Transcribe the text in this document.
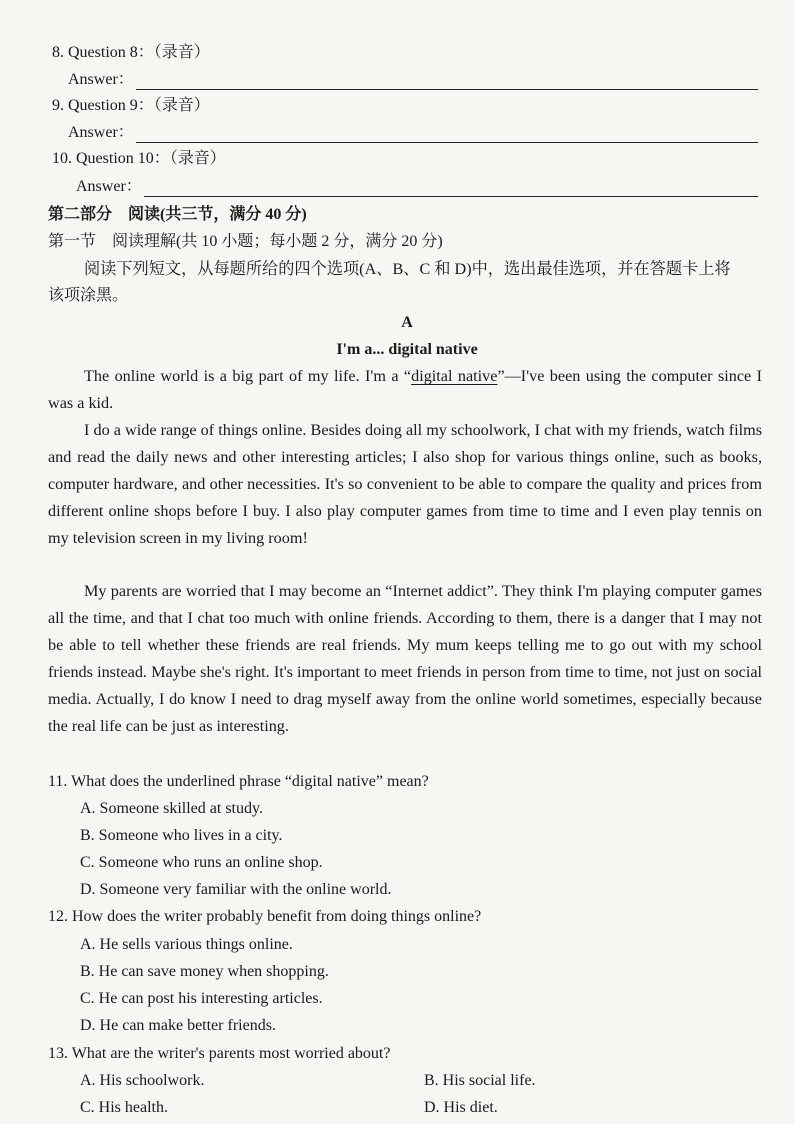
8. Question 8：（录音）
Answer：
9. Question 9：（录音）
Answer：
10. Question 10：（录音）
Answer：
第二部分　阅读(共三节，满分 40 分)
第一节　阅读理解(共 10 小题；每小题 2 分，满分 20 分)
阅读下列短文，从每题所给的四个选项(A、B、C 和 D)中，选出最佳选项，并在答题卡上将
该项涂黑。
A
I'm a... digital native
The online world is a big part of my life. I'm a “digital native”—I've been using the computer since I was a kid.
I do a wide range of things online. Besides doing all my schoolwork, I chat with my friends, watch films and read the daily news and other interesting articles; I also shop for various things online, such as books, computer hardware, and other necessities. It's so convenient to be able to compare the quality and prices from different online shops before I buy. I also play computer games from time to time and I even play tennis on my television screen in my living room!
My parents are worried that I may become an “Internet addict”. They think I'm playing computer games all the time, and that I chat too much with online friends. According to them, there is a danger that I may not be able to tell whether these friends are real friends. My mum keeps telling me to go out with my school friends instead. Maybe she's right. It's important to meet friends in person from time to time, not just on social media. Actually, I do know I need to drag myself away from the online world sometimes, especially because the real life can be just as interesting.
11. What does the underlined phrase “digital native” mean?
A. Someone skilled at study.
B. Someone who lives in a city.
C. Someone who runs an online shop.
D. Someone very familiar with the online world.
12. How does the writer probably benefit from doing things online?
A. He sells various things online.
B. He can save money when shopping.
C. He can post his interesting articles.
D. He can make better friends.
13. What are the writer's parents most worried about?
A. His schoolwork.	B. His social life.
C. His health.	D. His diet.
